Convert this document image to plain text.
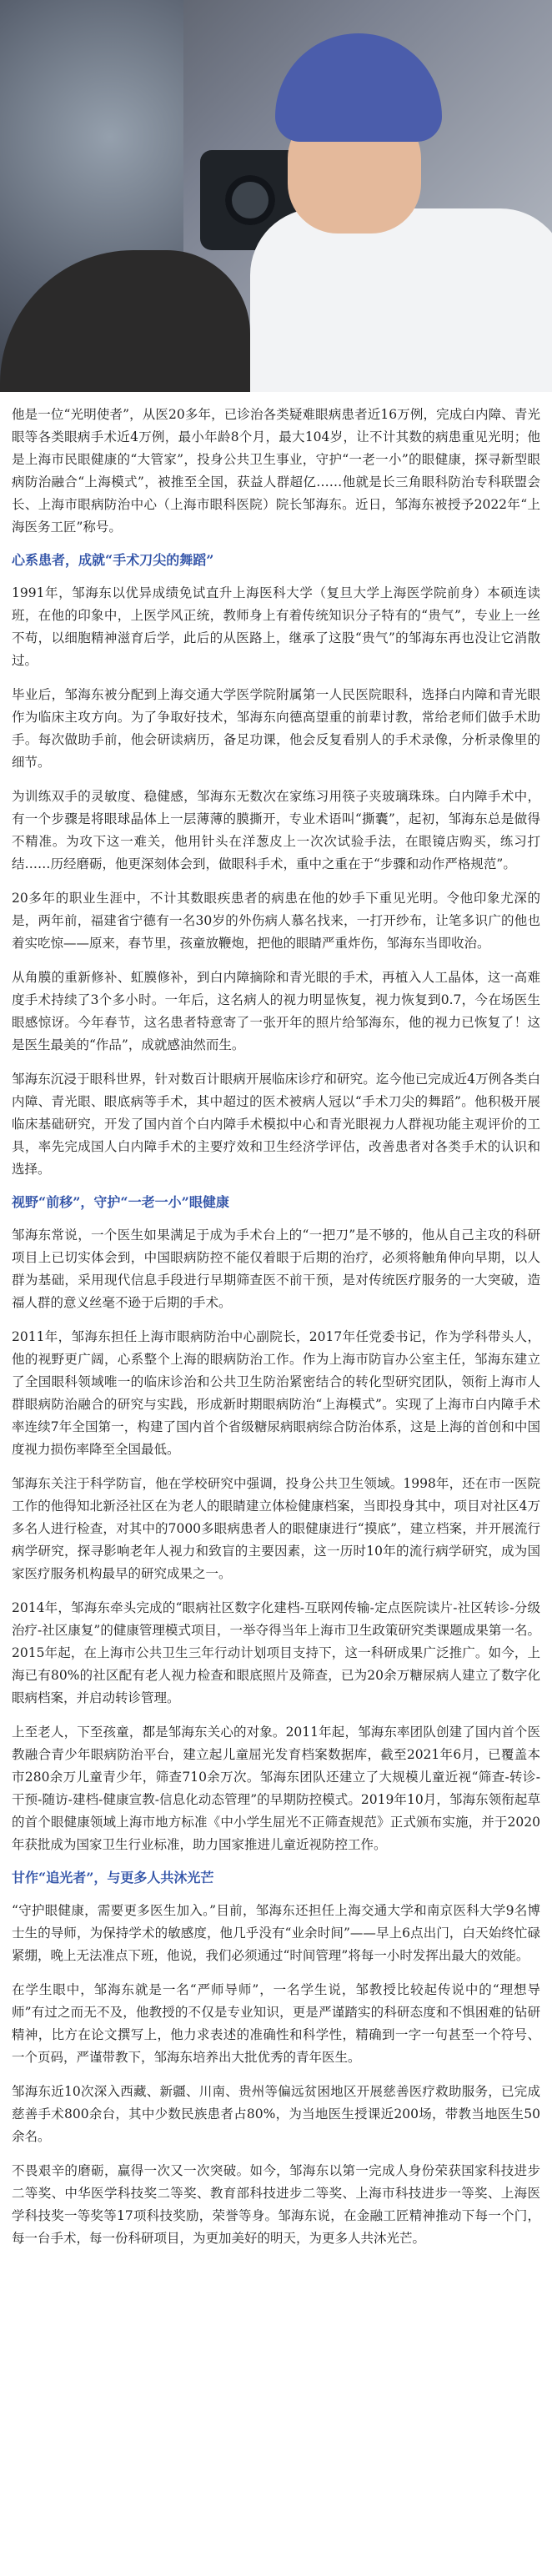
他是一位“光明使者”，从医20多年，已诊治各类疑难眼病患者近16万例，完成白内障、青光眼等各类眼病手术近4万例，最小年龄8个月，最大104岁，让不计其数的病患重见光明；他是上海市民眼健康的“大管家”，投身公共卫生事业，守护“一老一小”的眼健康，探寻新型眼病防治融合“上海模式”，被推至全国，获益人群超亿……他就是长三角眼科防治专科联盟会长、上海市眼病防治中心（上海市眼科医院）院长邹海东。近日，邹海东被授予2022年“上海医务工匠”称号。

心系患者，成就“手术刀尖的舞蹈”

1991年，邹海东以优异成绩免试直升上海医科大学（复旦大学上海医学院前身）本硕连读班，在他的印象中，上医学风正统，教师身上有着传统知识分子特有的“贵气”，专业上一丝不苟，以细胞精神滋育后学，此后的从医路上，继承了这股“贵气”的邹海东再也没让它消散过。

毕业后，邹海东被分配到上海交通大学医学院附属第一人民医院眼科，选择白内障和青光眼作为临床主攻方向。为了争取好技术，邹海东向德高望重的前辈讨教，常给老师们做手术助手。每次做助手前，他会研读病历，备足功课，他会反复看别人的手术录像，分析录像里的细节。

为训练双手的灵敏度、稳健感，邹海东无数次在家练习用筷子夹玻璃珠珠。白内障手术中，有一个步骤是将眼球晶体上一层薄薄的膜撕开，专业术语叫“撕囊”，起初，邹海东总是做得不精准。为攻下这一难关，他用针头在洋葱皮上一次次试验手法，在眼镜店购买，练习打结……历经磨砺，他更深刻体会到，做眼科手术，重中之重在于“步骤和动作严格规范”。

20多年的职业生涯中，不计其数眼疾患者的病患在他的妙手下重见光明。令他印象尤深的是，两年前，福建省宁德有一名30岁的外伤病人慕名找来，一打开纱布，让笔多识广的他也着实吃惊——原来，春节里，孩童放鞭炮，把他的眼睛严重炸伤，邹海东当即收治。

从角膜的重新修补、虹膜修补，到白内障摘除和青光眼的手术，再植入人工晶体，这一高难度手术持续了3个多小时。一年后，这名病人的视力明显恢复，视力恢复到0.7，今在场医生眼感惊讶。今年春节，这名患者特意寄了一张开年的照片给邹海东，他的视力已恢复了！这是医生最美的“作品”，成就感油然而生。

邹海东沉浸于眼科世界，针对数百计眼病开展临床诊疗和研究。迄今他已完成近4万例各类白内障、青光眼、眼底病等手术，其中超过的医术被病人冠以“手术刀尖的舞蹈”。他积极开展临床基础研究，开发了国内首个白内障手术模拟中心和青光眼视力人群视功能主观评价的工具，率先完成国人白内障手术的主要疗效和卫生经济学评估，改善患者对各类手术的认识和选择。

视野“前移”，守护“一老一小”眼健康

邹海东常说，一个医生如果满足于成为手术台上的“一把刀”是不够的，他从自己主攻的科研项目上已切实体会到，中国眼病防控不能仅着眼于后期的治疗，必须将触角伸向早期，以人群为基础，采用现代信息手段进行早期筛查医不前干预，是对传统医疗服务的一大突破，造福人群的意义丝毫不逊于后期的手术。

2011年，邹海东担任上海市眼病防治中心副院长，2017年任党委书记，作为学科带头人，他的视野更广阔，心系整个上海的眼病防治工作。作为上海市防盲办公室主任，邹海东建立了全国眼科领域唯一的临床诊治和公共卫生防治紧密结合的转化型研究团队，领衔上海市人群眼病防治融合的研究与实践，形成新时期眼病防治“上海模式”。实现了上海市白内障手术率连续7年全国第一，构建了国内首个省级糖尿病眼病综合防治体系，这是上海的首创和中国度视力损伤率降至全国最低。

邹海东关注于科学防盲，他在学校研究中强调，投身公共卫生领域。1998年，还在市一医院工作的他得知北新泾社区在为老人的眼睛建立体检健康档案，当即投身其中，项目对社区4万多名人进行检查，对其中的7000多眼病患者人的眼健康进行“摸底”，建立档案，并开展流行病学研究，探寻影响老年人视力和致盲的主要因素，这一历时10年的流行病学研究，成为国家医疗服务机构最早的研究成果之一。

2014年，邹海东牵头完成的“眼病社区数字化建档-互联网传输-定点医院读片-社区转诊-分级治疗-社区康复”的健康管理模式项目，一举夺得当年上海市卫生政策研究类课题成果第一名。2015年起，在上海市公共卫生三年行动计划项目支持下，这一科研成果广泛推广。如今，上海已有80%的社区配有老人视力检查和眼底照片及筛查，已为20余万糖尿病人建立了数字化眼病档案，并启动转诊管理。

上至老人，下至孩童，都是邹海东关心的对象。2011年起，邹海东率团队创建了国内首个医教融合青少年眼病防治平台，建立起儿童屈光发育档案数据库，截至2021年6月，已覆盖本市280余万儿童青少年，筛查710余万次。邹海东团队还建立了大规模儿童近视“筛查-转诊-干预-随访-建档-健康宣教-信息化动态管理”的早期防控模式。2019年10月，邹海东领衔起草的首个眼健康领域上海市地方标准《中小学生屈光不正筛查规范》正式颁布实施，并于2020年获批成为国家卫生行业标准，助力国家推进儿童近视防控工作。

甘作“追光者”，与更多人共沐光芒

“守护眼健康，需要更多医生加入。”目前，邹海东还担任上海交通大学和南京医科大学9名博士生的导师，为保持学术的敏感度，他几乎没有“业余时间”——早上6点出门，白天始终忙碌紧绷，晚上无法准点下班，他说，我们必须通过“时间管理”将每一小时发挥出最大的效能。

在学生眼中，邹海东就是一名“严师导师”，一名学生说，邹教授比较起传说中的“理想导师”有过之而无不及，他教授的不仅是专业知识，更是严谨踏实的科研态度和不惧困难的钻研精神，比方在论文撰写上，他力求表述的准确性和科学性，精确到一字一句甚至一个符号、一个页码，严谨带教下，邹海东培养出大批优秀的青年医生。

邹海东近10次深入西藏、新疆、川南、贵州等偏远贫困地区开展慈善医疗救助服务，已完成慈善手术800余台，其中少数民族患者占80%，为当地医生授课近200场，带教当地医生50余名。

不畏艰辛的磨砺，赢得一次又一次突破。如今，邹海东以第一完成人身份荣获国家科技进步二等奖、中华医学科技奖二等奖、教育部科技进步二等奖、上海市科技进步一等奖、上海医学科技奖一等奖等17项科技奖励，荣誉等身。邹海东说，在金融工匠精神推动下每一个门，每一台手术，每一份科研项目，为更加美好的明天，为更多人共沐光芒。
